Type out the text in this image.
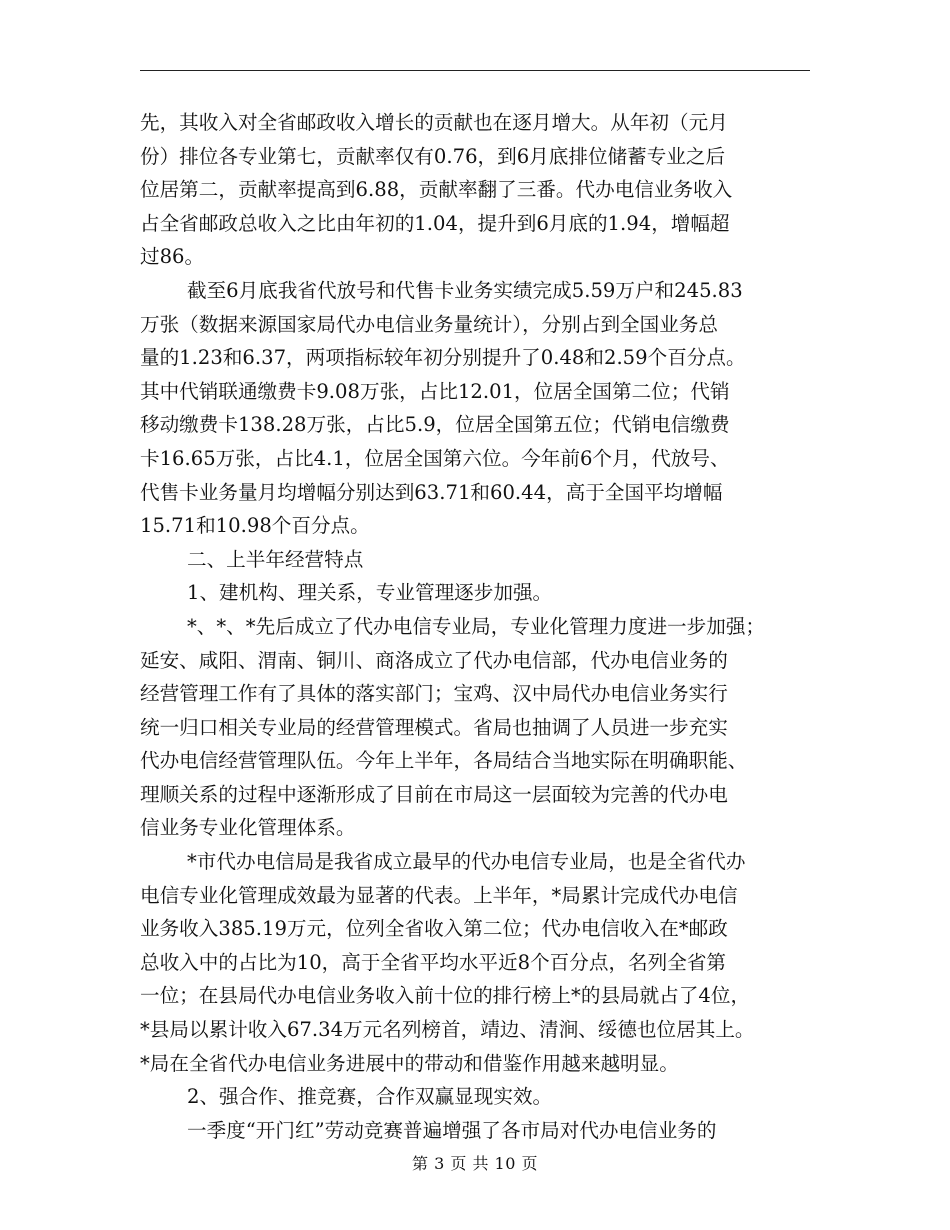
先，其收入对全省邮政收入增长的贡献也在逐月增大。从年初（元月
份）排位各专业第七，贡献率仅有0.76，到6月底排位储蓄专业之后
位居第二，贡献率提高到6.88，贡献率翻了三番。代办电信业务收入
占全省邮政总收入之比由年初的1.04，提升到6月底的1.94，增幅超
过86。
截至6月底我省代放号和代售卡业务实绩完成5.59万户和245.83
万张（数据来源国家局代办电信业务量统计），分别占到全国业务总
量的1.23和6.37，两项指标较年初分别提升了0.48和2.59个百分点。
其中代销联通缴费卡9.08万张，占比12.01，位居全国第二位；代销
移动缴费卡138.28万张，占比5.9，位居全国第五位；代销电信缴费
卡16.65万张，占比4.1，位居全国第六位。今年前6个月，代放号、
代售卡业务量月均增幅分别达到63.71和60.44，高于全国平均增幅
15.71和10.98个百分点。
二、上半年经营特点
1、建机构、理关系，专业管理逐步加强。
*、*、*先后成立了代办电信专业局，专业化管理力度进一步加强；
延安、咸阳、渭南、铜川、商洛成立了代办电信部，代办电信业务的
经营管理工作有了具体的落实部门；宝鸡、汉中局代办电信业务实行
统一归口相关专业局的经营管理模式。省局也抽调了人员进一步充实
代办电信经营管理队伍。今年上半年，各局结合当地实际在明确职能、
理顺关系的过程中逐渐形成了目前在市局这一层面较为完善的代办电
信业务专业化管理体系。
*市代办电信局是我省成立最早的代办电信专业局，也是全省代办
电信专业化管理成效最为显著的代表。上半年，*局累计完成代办电信
业务收入385.19万元，位列全省收入第二位；代办电信收入在*邮政
总收入中的占比为10，高于全省平均水平近8个百分点，名列全省第
一位；在县局代办电信业务收入前十位的排行榜上*的县局就占了4位，
*县局以累计收入67.34万元名列榜首，靖边、清涧、绥德也位居其上。
*局在全省代办电信业务进展中的带动和借鉴作用越来越明显。
2、强合作、推竞赛，合作双赢显现实效。
一季度“开门红”劳动竞赛普遍增强了各市局对代办电信业务的
第 3 页 共 10 页
